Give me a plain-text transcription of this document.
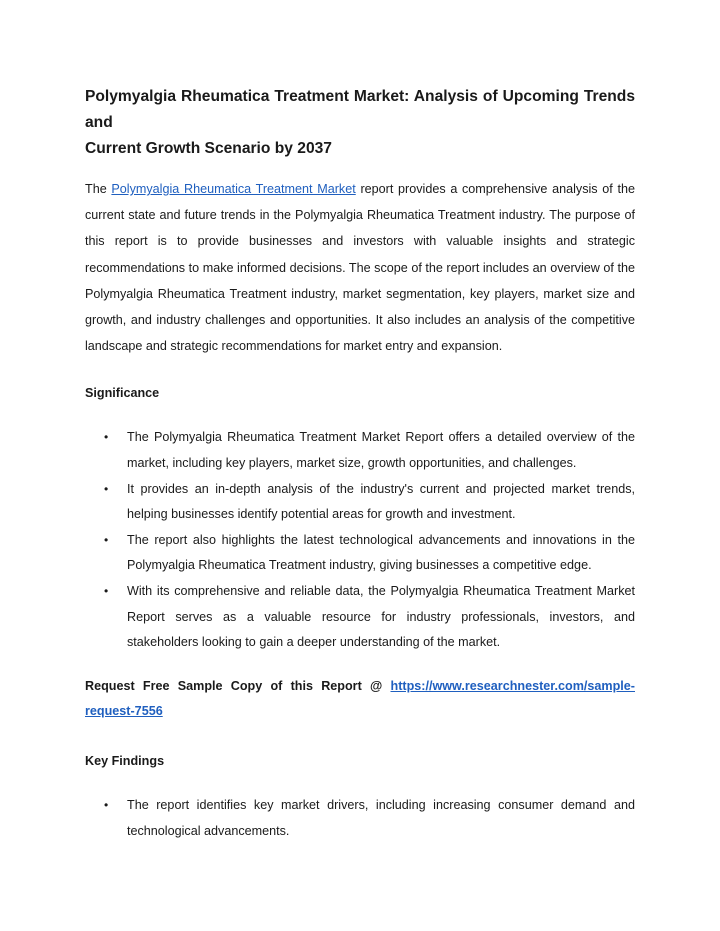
Polymyalgia Rheumatica Treatment Market: Analysis of Upcoming Trends and
Current Growth Scenario by 2037

The Polymyalgia Rheumatica Treatment Market report provides a comprehensive analysis of the current state and future trends in the Polymyalgia Rheumatica Treatment industry. The purpose of this report is to provide businesses and investors with valuable insights and strategic recommendations to make informed decisions. The scope of the report includes an overview of the Polymyalgia Rheumatica Treatment industry, market segmentation, key players, market size and growth, and industry challenges and opportunities. It also includes an analysis of the competitive landscape and strategic recommendations for market entry and expansion.

Significance
• The Polymyalgia Rheumatica Treatment Market Report offers a detailed overview of the market, including key players, market size, growth opportunities, and challenges.
• It provides an in-depth analysis of the industry's current and projected market trends, helping businesses identify potential areas for growth and investment.
• The report also highlights the latest technological advancements and innovations in the Polymyalgia Rheumatica Treatment industry, giving businesses a competitive edge.
• With its comprehensive and reliable data, the Polymyalgia Rheumatica Treatment Market Report serves as a valuable resource for industry professionals, investors, and stakeholders looking to gain a deeper understanding of the market.
Request Free Sample Copy of this Report @ https://www.researchnester.com/sample-request-7556
Key Findings
• The report identifies key market drivers, including increasing consumer demand and technological advancements.
